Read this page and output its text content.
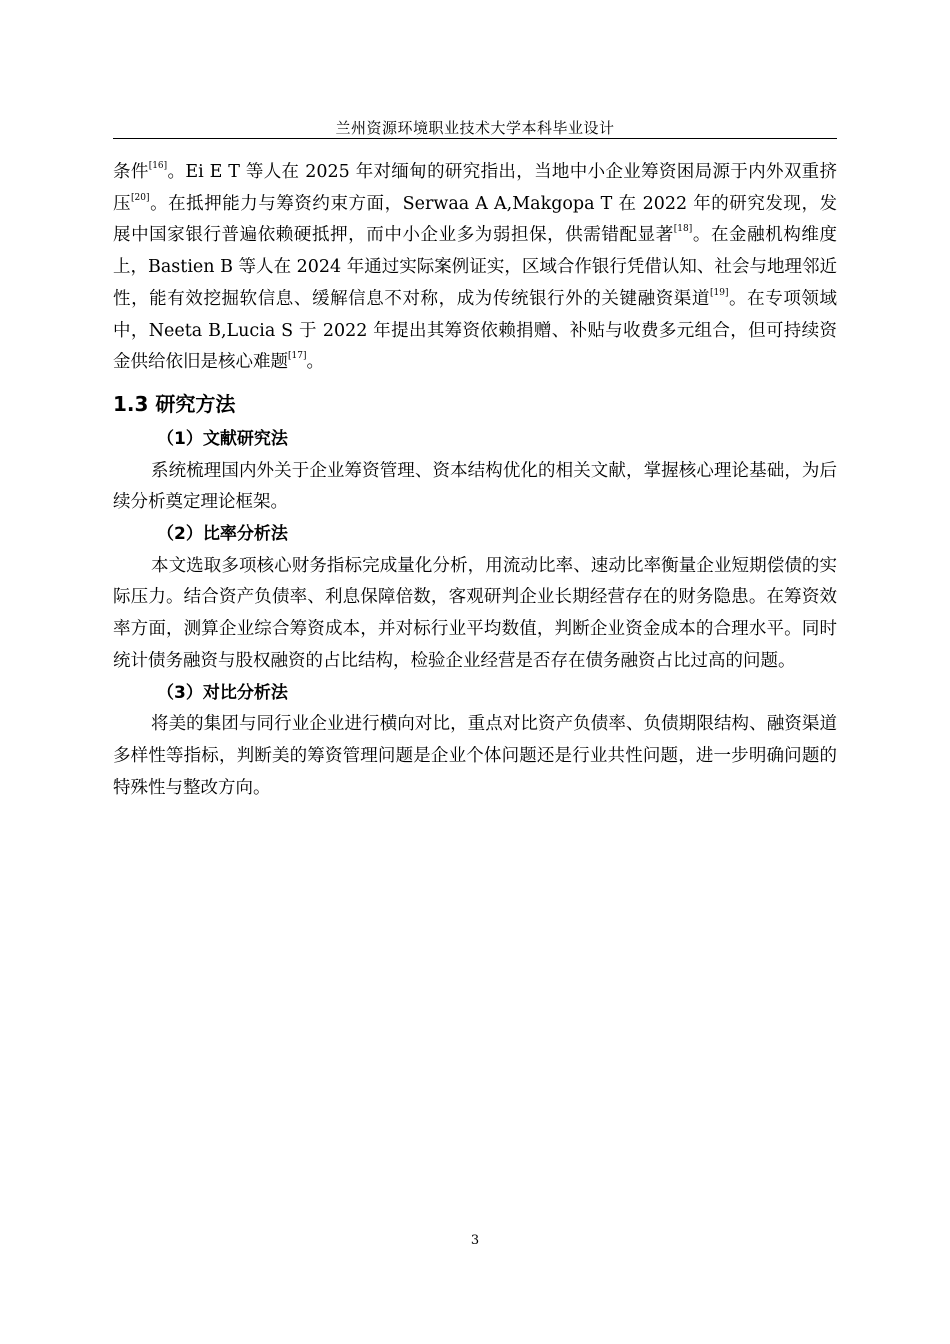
兰州资源环境职业技术大学本科毕业设计

条件[16]。Ei E T 等人在 2025 年对缅甸的研究指出，当地中小企业筹资困局源于内外双重挤压[20]。在抵押能力与筹资约束方面，Serwaa A A,Makgopa T 在 2022 年的研究发现，发展中国家银行普遍依赖硬抵押，而中小企业多为弱担保，供需错配显著[18]。在金融机构维度上，Bastien B 等人在 2024 年通过实际案例证实，区域合作银行凭借认知、社会与地理邻近性，能有效挖掘软信息、缓解信息不对称，成为传统银行外的关键融资渠道[19]。在专项领域中，Neeta B,Lucia S 于 2022 年提出其筹资依赖捐赠、补贴与收费多元组合，但可持续资金供给依旧是核心难题[17]。

1.3 研究方法
（1）文献研究法

系统梳理国内外关于企业筹资管理、资本结构优化的相关文献，掌握核心理论基础，为后续分析奠定理论框架。

（2）比率分析法

本文选取多项核心财务指标完成量化分析，用流动比率、速动比率衡量企业短期偿债的实际压力。结合资产负债率、利息保障倍数，客观研判企业长期经营存在的财务隐患。在筹资效率方面，测算企业综合筹资成本，并对标行业平均数值，判断企业资金成本的合理水平。同时统计债务融资与股权融资的占比结构，检验企业经营是否存在债务融资占比过高的问题。

（3）对比分析法

将美的集团与同行业企业进行横向对比，重点对比资产负债率、负债期限结构、融资渠道多样性等指标，判断美的筹资管理问题是企业个体问题还是行业共性问题，进一步明确问题的特殊性与整改方向。

3
